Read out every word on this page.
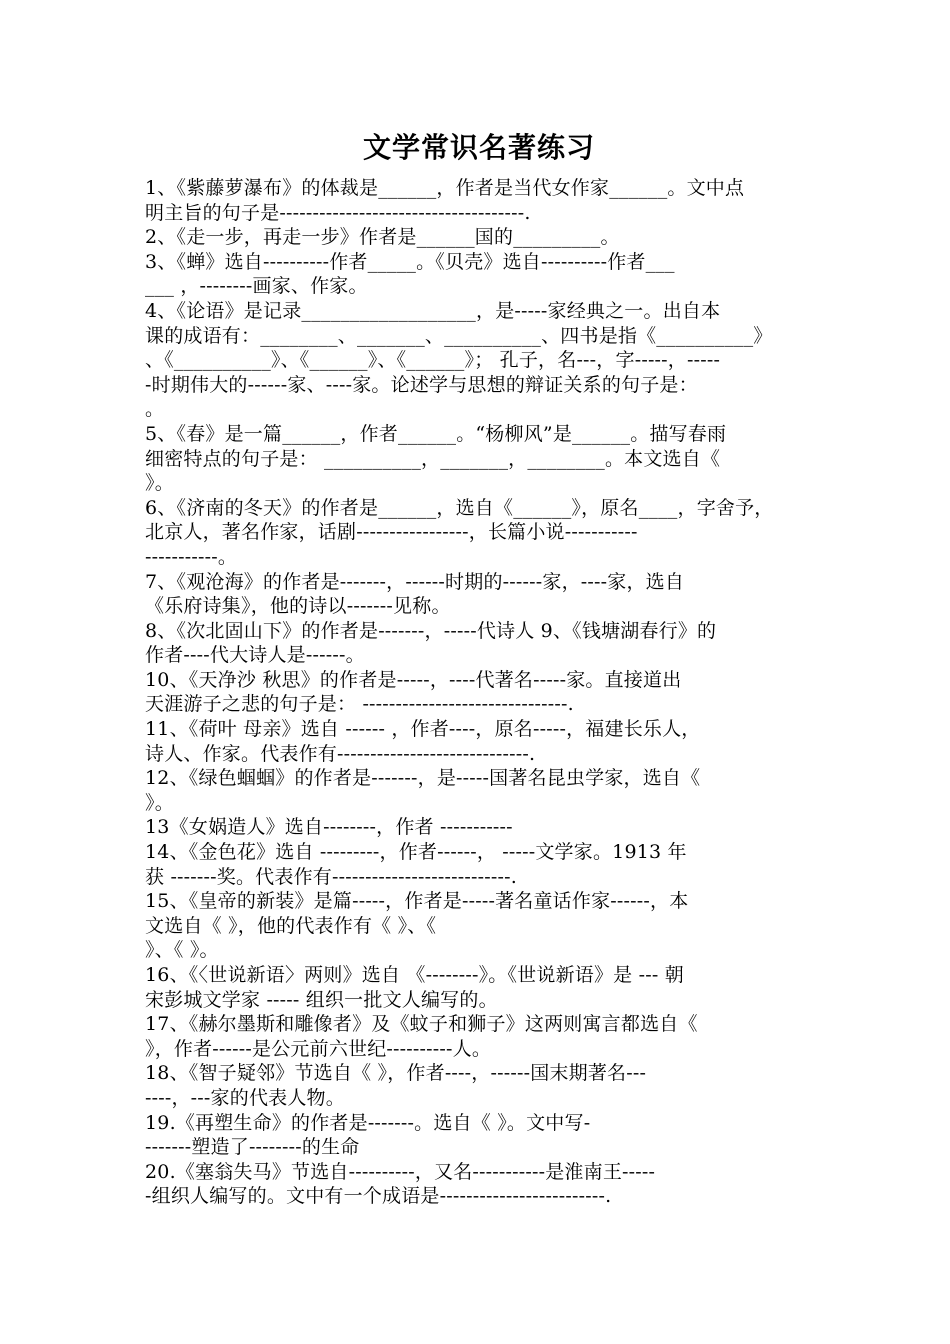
文学常识名著练习
1、《紫藤萝瀑布》的体裁是______，作者是当代女作家______。文中点
明主旨的句子是-------------------------------------.
2、《走一步，再走一步》作者是______国的_________。
3、《蝉》选自----------作者_____。《贝壳》选自----------作者___
___ ，--------画家、作家。
4、《论语》是记录__________________，是-----家经典之一。出自本
课的成语有：________、_______、__________、四书是指《__________》
、《__________》、《______》、《______》； 孔子，名---，字-----，-----
-时期伟大的------家、----家。论述学与思想的辩证关系的句子是：
。
5、《春》是一篇______，作者______。“杨柳风”是______。描写春雨
细密特点的句子是： __________，_______，________。本文选自《
》。
6、《济南的冬天》的作者是______，选自《______》，原名____，字舍予，
北京人，著名作家，话剧-----------------，长篇小说-----------
-----------。
7、《观沧海》的作者是-------，------时期的------家，----家，选自
《乐府诗集》，他的诗以-------见称。
8、《次北固山下》的作者是-------，-----代诗人 9、《钱塘湖春行》的
作者----代大诗人是------。
10、《天净沙 秋思》的作者是-----，----代著名-----家。直接道出
天涯游子之悲的句子是： -------------------------------.
11、《荷叶 母亲》选自 ------ ，作者----，原名-----，福建长乐人，
诗人、作家。代表作有-----------------------------.
12、《绿色蝈蝈》的作者是-------，是-----国著名昆虫学家，选自《
》。
13《女娲造人》选自--------，作者 -----------
14、《金色花》选自 ---------，作者------， -----文学家。1913 年
获 -------奖。代表作有---------------------------.
15、《皇帝的新装》是篇-----，作者是-----著名童话作家------，本
文选自《 》，他的代表作有《 》、《
》、《 》。
16、《〈世说新语〉两则》选自 《--------》。《世说新语》是 --- 朝
宋彭城文学家 ----- 组织一批文人编写的。
17、《赫尔墨斯和雕像者》及《蚊子和狮子》这两则寓言都选自《
》，作者------是公元前六世纪----------人。
18、《智子疑邻》节选自《 》，作者----，------国末期著名---
----，---家的代表人物。
19.《再塑生命》的作者是-------。选自《 》。文中写-
-------塑造了--------的生命
20.《塞翁失马》节选自----------，又名-----------是淮南王-----
-组织人编写的。文中有一个成语是-------------------------.
